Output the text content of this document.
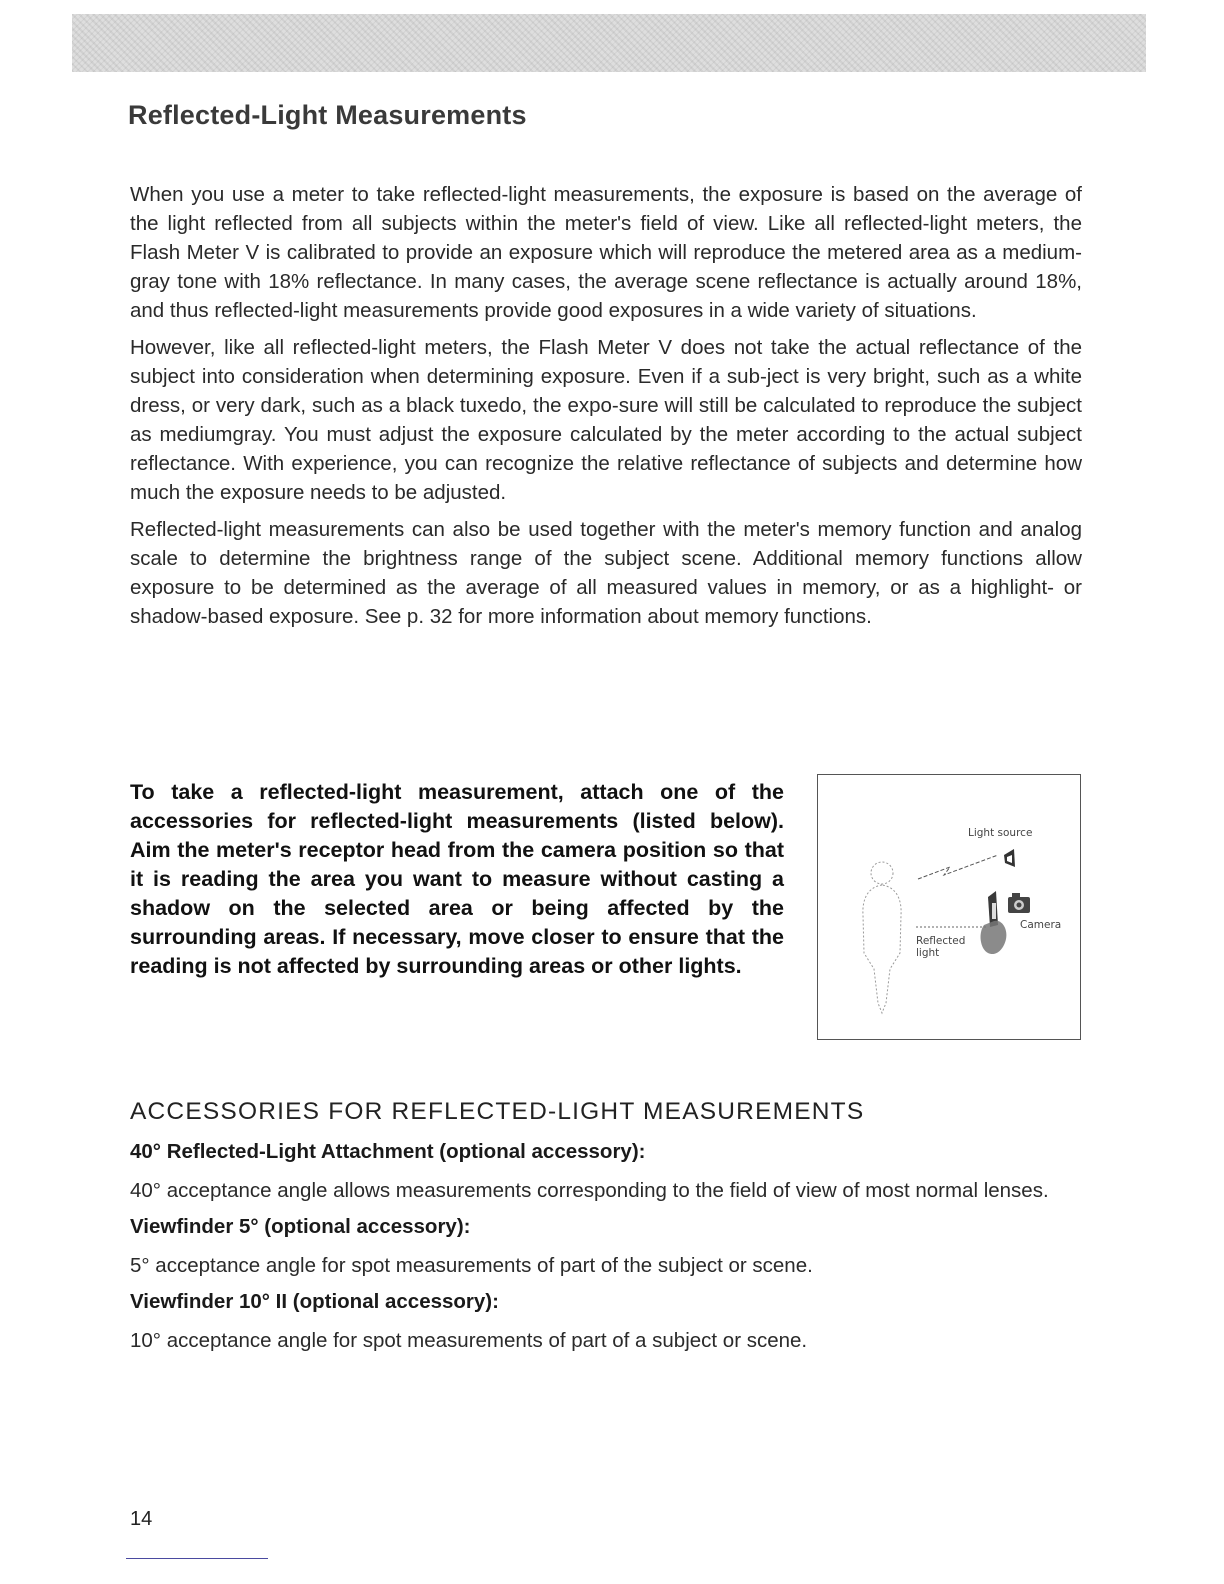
Reflected-Light Measurements

When you use a meter to take reflected-light measurements, the exposure is based on the average of the light reflected from all subjects within the meter's field of view. Like all reflected-light meters, the Flash Meter V is calibrated to provide an exposure which will reproduce the metered area as a medium-gray tone with 18% reflectance. In many cases, the average scene reflectance is actually around 18%, and thus reflected-light measurements provide good exposures in a wide variety of situations.

However, like all reflected-light meters, the Flash Meter V does not take the actual reflectance of the subject into consideration when determining exposure. Even if a sub-ject is very bright, such as a white dress, or very dark, such as a black tuxedo, the expo-sure will still be calculated to reproduce the subject as mediumgray. You must adjust the exposure calculated by the meter according to the actual subject reflectance. With experience, you can recognize the relative reflectance of subjects and determine how much the exposure needs to be adjusted.

Reflected-light measurements can also be used together with the meter's memory function and analog scale to determine the brightness range of the subject scene. Additional memory functions allow exposure to be determined as the average of all measured values in memory, or as a highlight- or shadow-based exposure. See p. 32 for more information about memory functions.

To take a reflected-light measurement, attach one of the accessories for reflected-light measurements (listed below). Aim the meter's receptor head from the camera position so that it is reading the area you want to measure without casting a shadow on the selected area or being affected by the surrounding areas. If necessary, move closer to ensure that the reading is not affected by surrounding areas or other lights.

Light source
Camera
Reflected light
ACCESSORIES FOR REFLECTED-LIGHT MEASUREMENTS

40° Reflected-Light Attachment (optional accessory):

40° acceptance angle allows measurements corresponding to the field of view of most normal lenses.

Viewfinder 5° (optional accessory):

5° acceptance angle for spot measurements of part of the subject or scene.

Viewfinder 10° II (optional accessory):

10° acceptance angle for spot measurements of part of a subject or scene.

14
